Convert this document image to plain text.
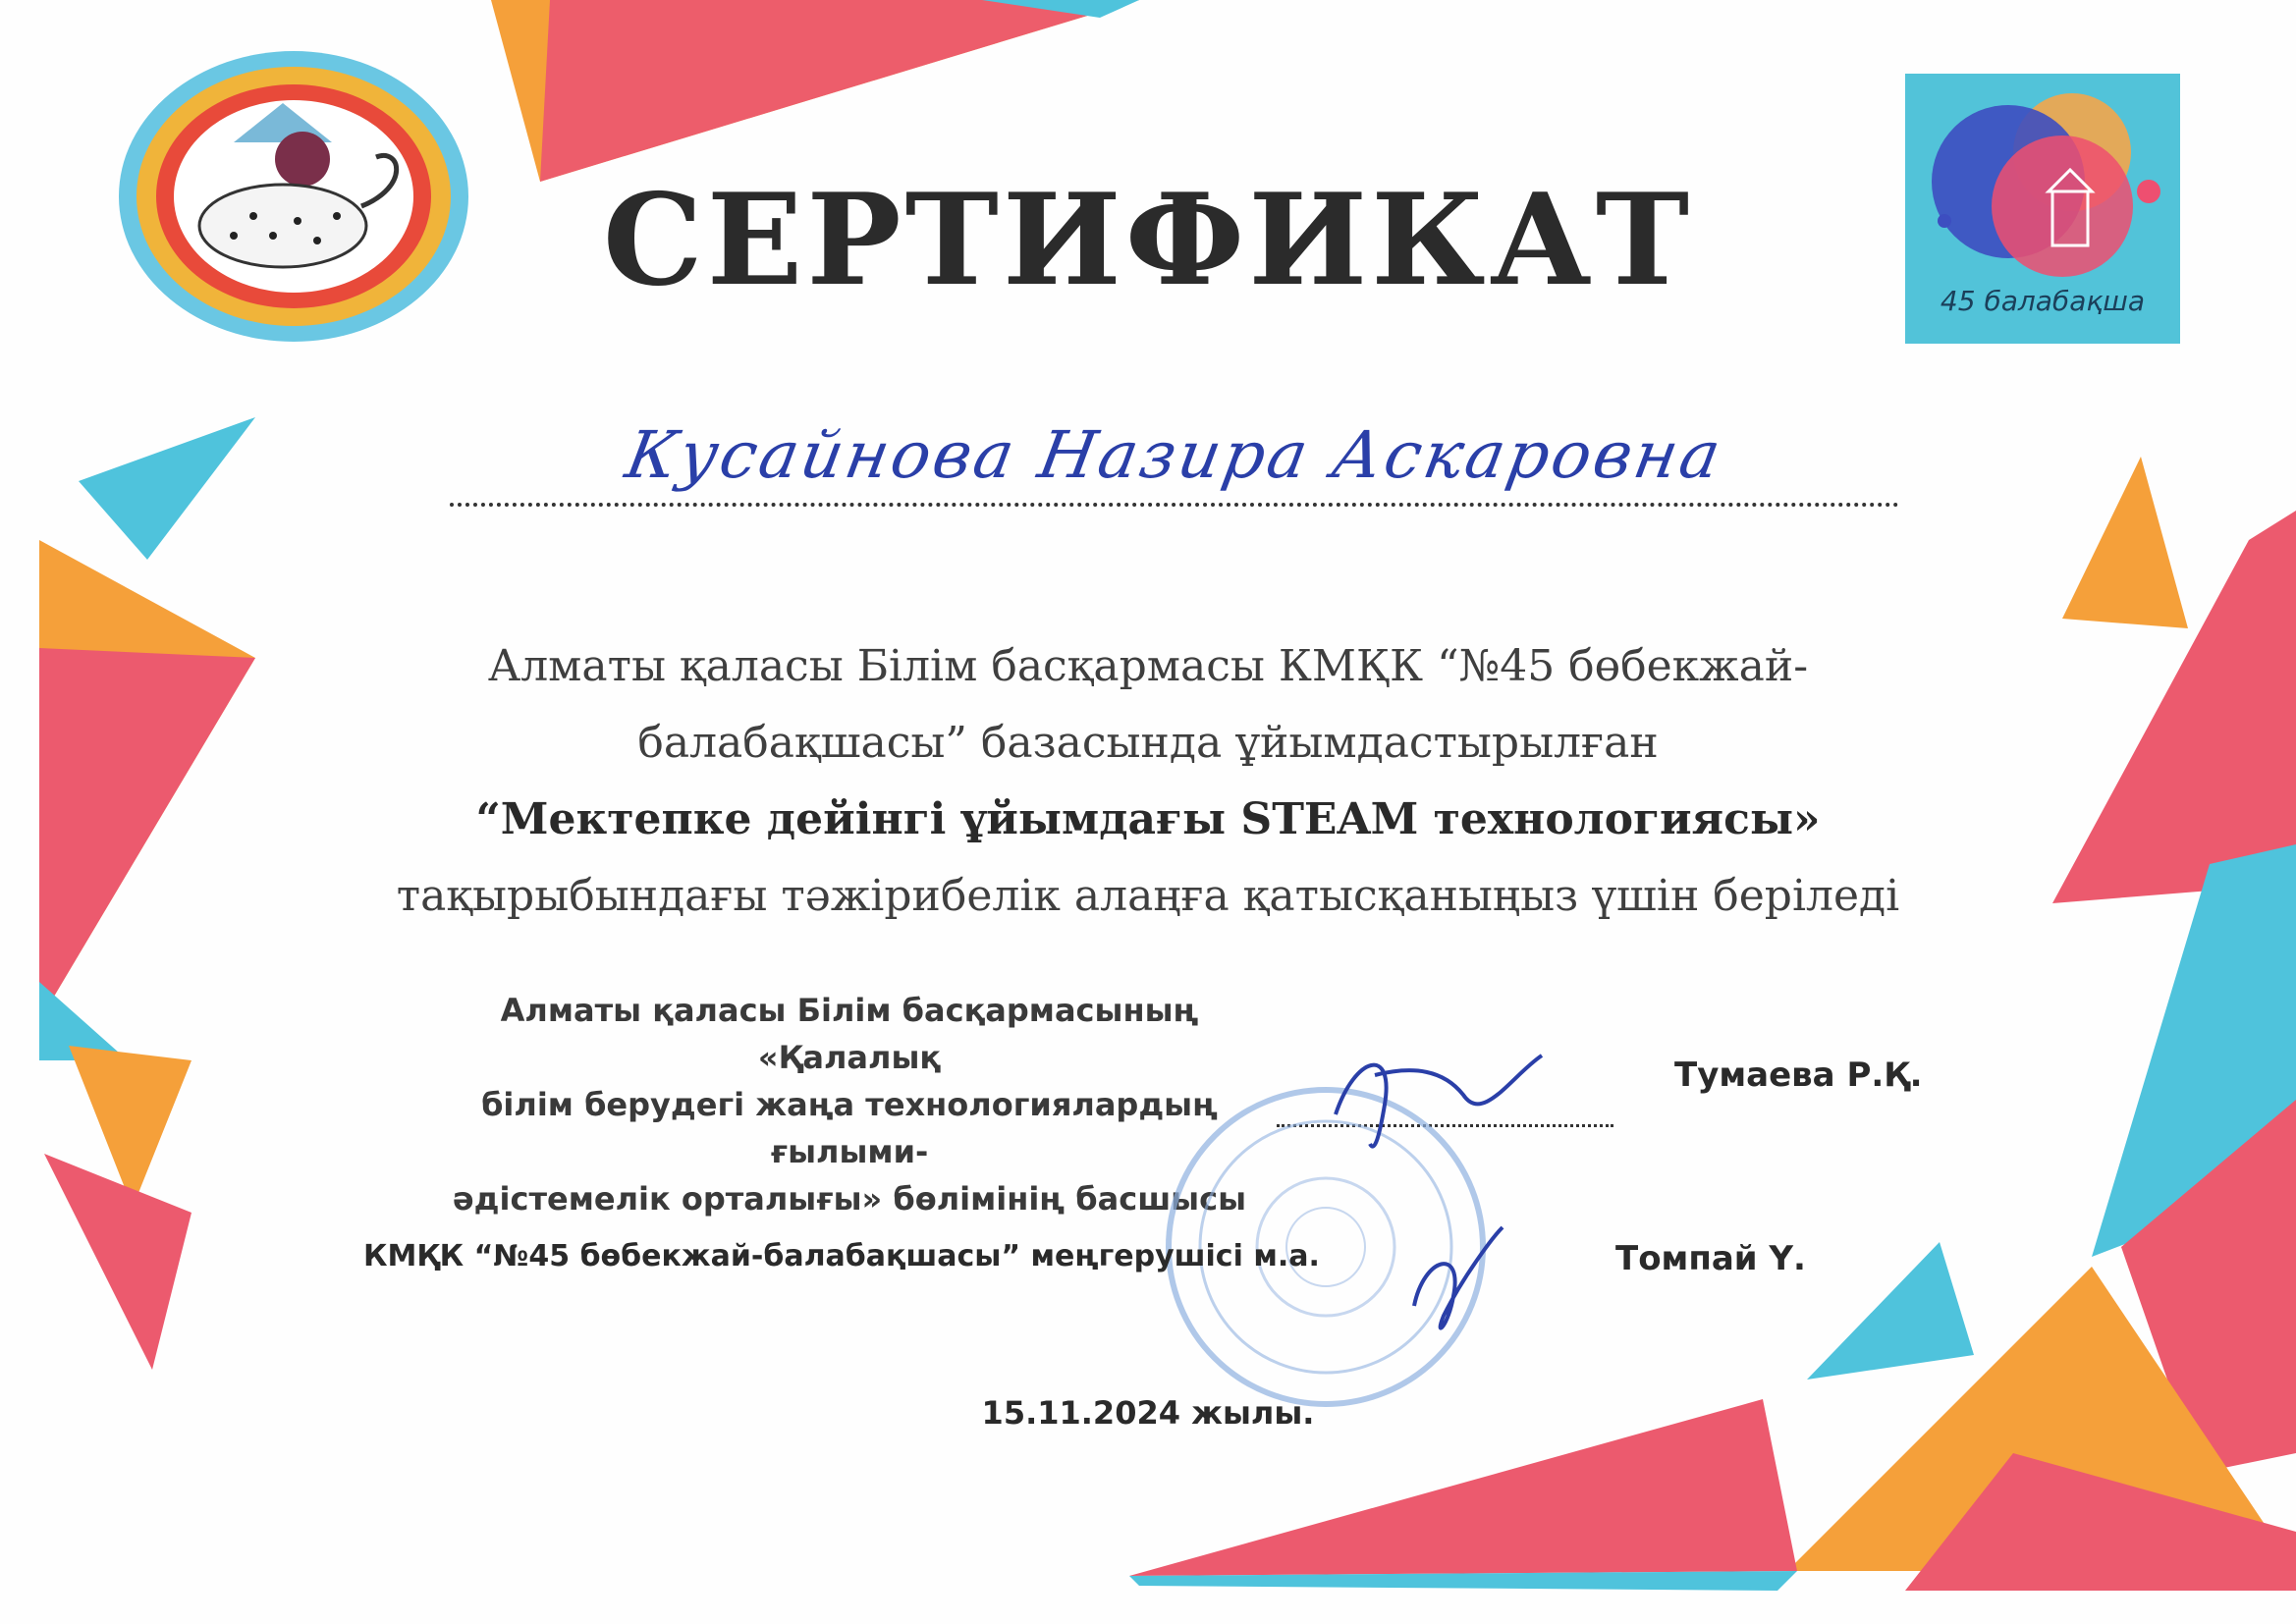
45 балабақша
СЕРТИФИКАТ
Кусайнова Назира Аскаровна
Алматы қаласы Білім басқармасы КМҚК “№45 бөбекжай-
балабақшасы” базасында ұйымдастырылған
“Мектепке дейінгі ұйымдағы STEAM технологиясы»
тақырыбындағы тәжірибелік алаңға қатысқаныңыз үшін беріледі
Алматы қаласы Білім басқармасының «Қалалық
білім берудегі жаңа технологиялардың ғылыми-
әдістемелік орталығы» бөлімінің басшысы
Тумаева Р.Қ.
КМҚК “№45 бөбекжай-балабақшасы” меңгерушісі м.а.	Томпай Ү.
15.11.2024 жылы.
